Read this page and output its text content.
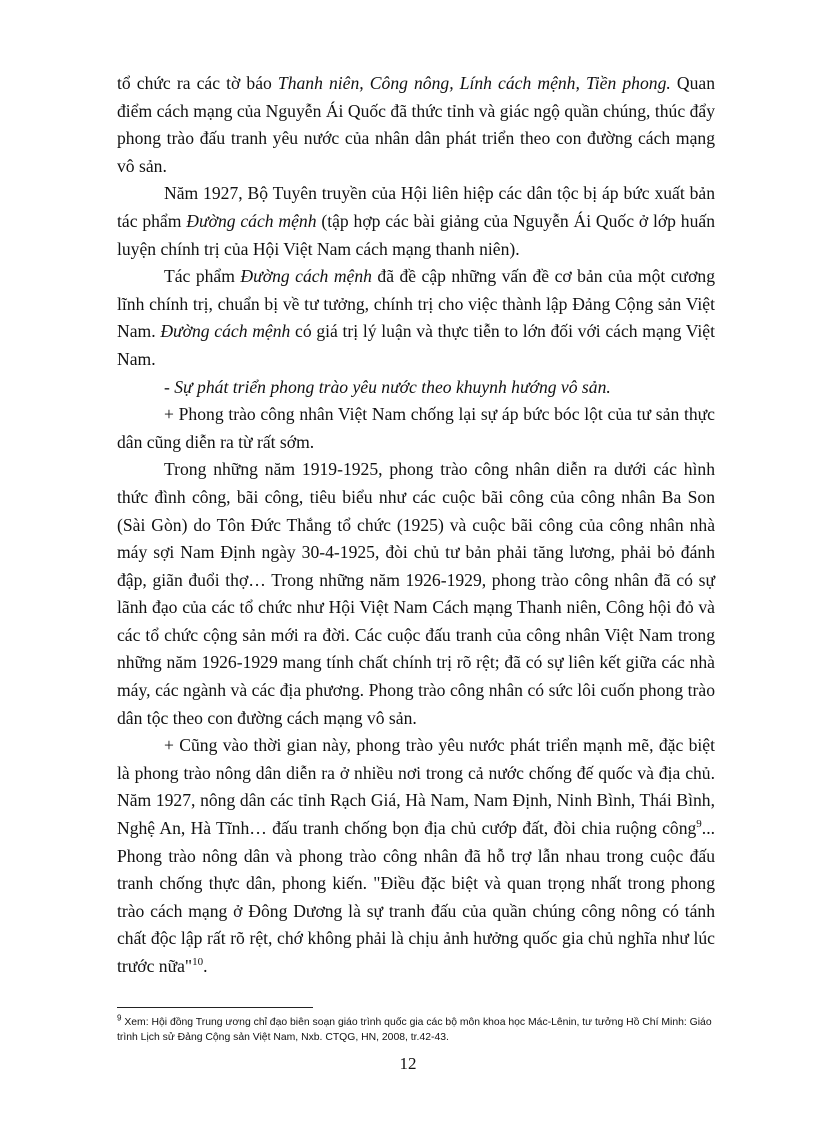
tổ chức ra các tờ báo Thanh niên, Công nông, Lính cách mệnh, Tiền phong. Quan điểm cách mạng của Nguyễn Ái Quốc đã thức tỉnh và giác ngộ quần chúng, thúc đẩy phong trào đấu tranh yêu nước của nhân dân phát triển theo con đường cách mạng vô sản.

Năm 1927, Bộ Tuyên truyền của Hội liên hiệp các dân tộc bị áp bức xuất bản tác phẩm Đường cách mệnh (tập hợp các bài giảng của Nguyễn Ái Quốc ở lớp huấn luyện chính trị của Hội Việt Nam cách mạng thanh niên).

Tác phẩm Đường cách mệnh đã đề cập những vấn đề cơ bản của một cương lĩnh chính trị, chuẩn bị về tư tưởng, chính trị cho việc thành lập Đảng Cộng sản Việt Nam. Đường cách mệnh có giá trị lý luận và thực tiễn to lớn đối với cách mạng Việt Nam.

- Sự phát triển phong trào yêu nước theo khuynh hướng vô sản.

+ Phong trào công nhân Việt Nam chống lại sự áp bức bóc lột của tư sản thực dân cũng diễn ra từ rất sớm.

Trong những năm 1919-1925, phong trào công nhân diễn ra dưới các hình thức đình công, bãi công, tiêu biểu như các cuộc bãi công của công nhân Ba Son (Sài Gòn) do Tôn Đức Thắng tổ chức (1925) và cuộc bãi công của công nhân nhà máy sợi Nam Định ngày 30-4-1925, đòi chủ tư bản phải tăng lương, phải bỏ đánh đập, giãn đuổi thợ… Trong những năm 1926-1929, phong trào công nhân đã có sự lãnh đạo của các tổ chức như Hội Việt Nam Cách mạng Thanh niên, Công hội đỏ và các tổ chức cộng sản mới ra đời. Các cuộc đấu tranh của công nhân Việt Nam trong những năm 1926-1929 mang tính chất chính trị rõ rệt; đã có sự liên kết giữa các nhà máy, các ngành và các địa phương. Phong trào công nhân có sức lôi cuốn phong trào dân tộc theo con đường cách mạng vô sản.

+ Cũng vào thời gian này, phong trào yêu nước phát triển mạnh mẽ, đặc biệt là phong trào nông dân diễn ra ở nhiều nơi trong cả nước chống đế quốc và địa chủ. Năm 1927, nông dân các tỉnh Rạch Giá, Hà Nam, Nam Định, Ninh Bình, Thái Bình, Nghệ An, Hà Tĩnh… đấu tranh chống bọn địa chủ cướp đất, đòi chia ruộng công$^9$... Phong trào nông dân và phong trào công nhân đã hỗ trợ lẫn nhau trong cuộc đấu tranh chống thực dân, phong kiến. "Điều đặc biệt và quan trọng nhất trong phong trào cách mạng ở Đông Dương là sự tranh đấu của quần chúng công nông có tánh chất độc lập rất rõ rệt, chớ không phải là chịu ảnh hưởng quốc gia chủ nghĩa như lúc trước nữa"$^{10}$.

$^9$ Xem: Hội đồng Trung ương chỉ đạo biên soạn giáo trình quốc gia các bộ môn khoa học Mác-Lênin, tư tưởng Hồ Chí Minh: Giáo trình Lịch sử Đảng Cộng sản Việt Nam, Nxb. CTQG, HN, 2008, tr.42-43.
12
